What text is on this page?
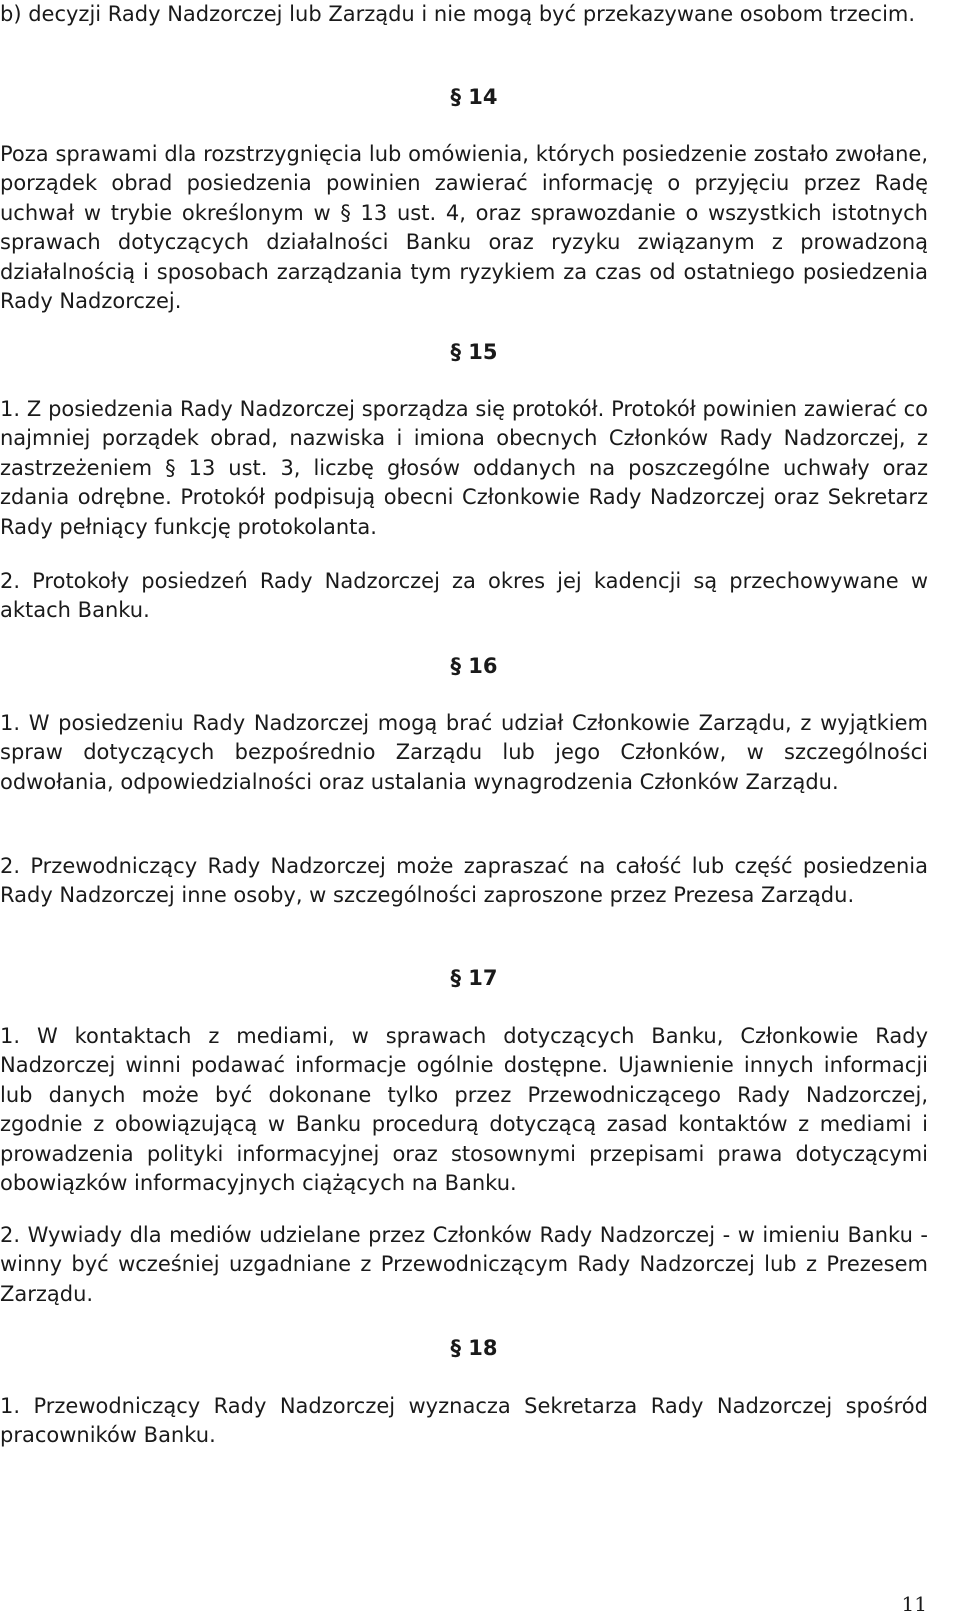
b) decyzji Rady Nadzorczej lub Zarządu i nie mogą być przekazywane osobom trzecim.

§ 14

Poza sprawami dla rozstrzygnięcia lub omówienia, których posiedzenie zostało zwołane, porządek obrad posiedzenia powinien zawierać informację o przyjęciu przez Radę uchwał w trybie określonym w § 13 ust. 4, oraz sprawozdanie o wszystkich istotnych sprawach dotyczących działalności Banku oraz ryzyku związanym z prowadzoną działalnością i sposobach zarządzania tym ryzykiem za czas od ostatniego posiedzenia Rady Nadzorczej.

§ 15

1. Z posiedzenia Rady Nadzorczej sporządza się protokół. Protokół powinien zawierać co najmniej porządek obrad, nazwiska i imiona obecnych Członków Rady Nadzorczej, z zastrzeżeniem § 13 ust. 3, liczbę głosów oddanych na poszczególne uchwały oraz zdania odrębne. Protokół podpisują obecni Członkowie Rady Nadzorczej oraz Sekretarz Rady pełniący funkcję protokolanta.

2. Protokoły posiedzeń Rady Nadzorczej za okres jej kadencji są przechowywane w aktach Banku.

§ 16

1. W posiedzeniu Rady Nadzorczej mogą brać udział Członkowie Zarządu, z wyjątkiem spraw dotyczących bezpośrednio Zarządu lub jego Członków, w szczególności odwołania, odpowiedzialności oraz ustalania wynagrodzenia Członków Zarządu.

2. Przewodniczący Rady Nadzorczej może zapraszać na całość lub część posiedzenia Rady Nadzorczej inne osoby, w szczególności zaproszone przez Prezesa Zarządu.

§ 17

1. W kontaktach z mediami, w sprawach dotyczących Banku, Członkowie Rady Nadzorczej winni podawać informacje ogólnie dostępne. Ujawnienie innych informacji lub danych może być dokonane tylko przez Przewodniczącego Rady Nadzorczej, zgodnie z obowiązującą w Banku procedurą dotyczącą zasad kontaktów z mediami i prowadzenia polityki informacyjnej oraz stosownymi przepisami prawa dotyczącymi obowiązków informacyjnych ciążących na Banku.

2. Wywiady dla mediów udzielane przez Członków Rady Nadzorczej - w imieniu Banku - winny być wcześniej uzgadniane z Przewodniczącym Rady Nadzorczej lub z Prezesem Zarządu.

§ 18

1. Przewodniczący Rady Nadzorczej wyznacza Sekretarza Rady Nadzorczej spośród pracowników Banku.

11
